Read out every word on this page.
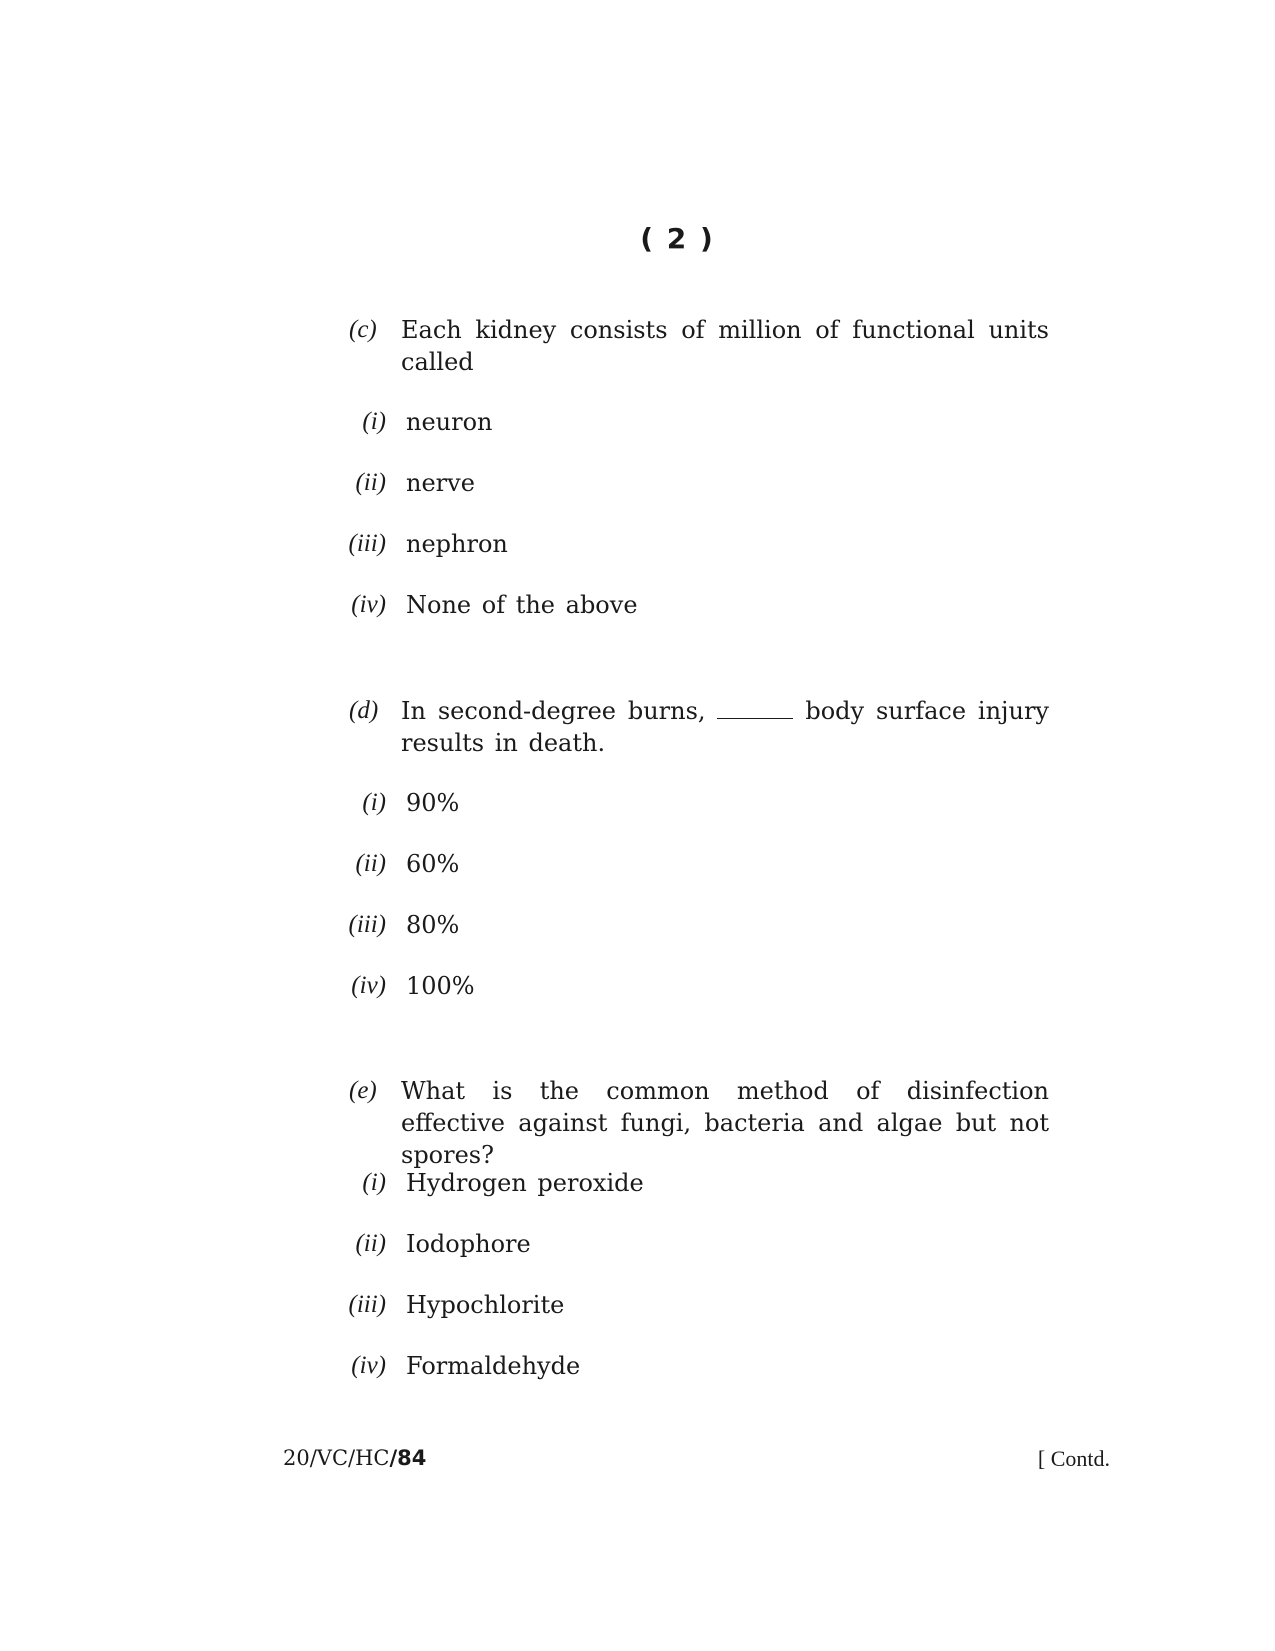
( 2 )
(c) Each kidney consists of million of functional units called
(i) neuron
(ii) nerve
(iii) nephron
(iv) None of the above
(d) In second-degree burns,	body surface injury results in death.
(i) 90%
(ii) 60%
(iii) 80%
(iv) 100%
(e) What is the common method of disinfection effective against fungi, bacteria and algae but not spores?
(i) Hydrogen peroxide
(ii) Iodophore
(iii) Hypochlorite
(iv) Formaldehyde
20/VC/HC/84	[ Contd.
